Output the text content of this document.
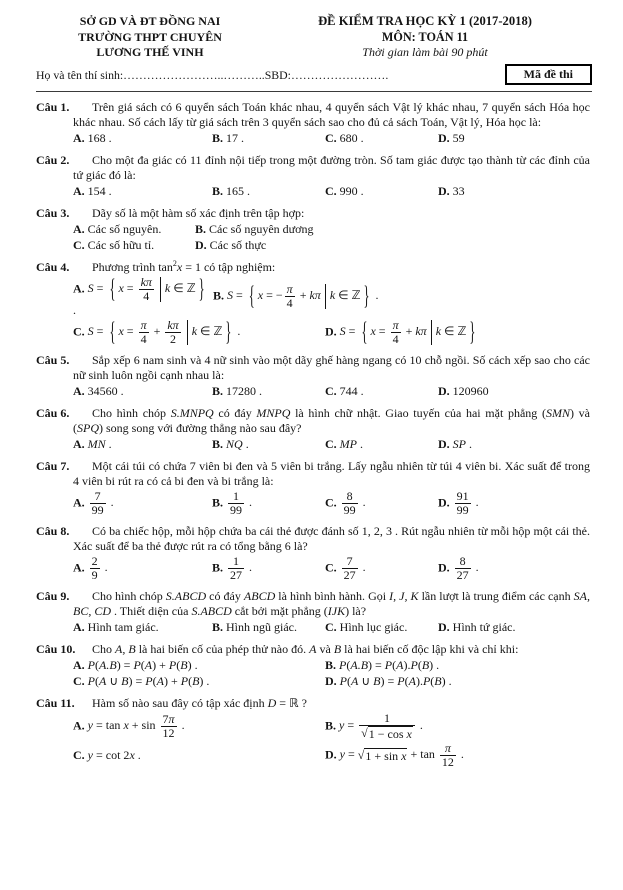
SỞ GD VÀ ĐT ĐỒNG NAI
TRƯỜNG THPT CHUYÊN
LƯƠNG THẾ VINH
ĐỀ KIỂM TRA HỌC KỲ 1 (2017-2018)
MÔN: TOÁN 11
Thời gian làm bài 90 phút
Họ và tên thí sinh:……………………..………..SBD:…………………….	Mã đề thi
Câu 1.	Trên giá sách có 6 quyển sách Toán khác nhau, 4 quyển sách Vật lý khác nhau, 7 quyển sách Hóa học khác nhau. Số cách lấy từ giá sách trên 3 quyển sách sao cho đủ cả sách Toán, Vật lý, Hóa học là:
A. 168 .	B. 17 .	C. 680 .	D. 59
Câu 2.	Cho một đa giác có 11 đỉnh nội tiếp trong một đường tròn. Số tam giác được tạo thành từ các đỉnh của tứ giác đó là:
A. 154 .	B. 165 .	C. 990 .	D. 33
Câu 3.	Dãy số là một hàm số xác định trên tập hợp:
A. Các số nguyên.	B. Các số nguyên dương
C. Các số hữu tỉ.	D. Các số thực
Câu 4.	Phương trình $\tan^2x = 1$ có tập nghiệm:
A. S = { $x = \frac{k\pi}{4}$ k ∈ ℤ } .
B. S = { x = − $\frac{\pi}{4} + k\pi$ k ∈ ℤ } .
C. S = { $x = \frac{\pi}{4} + \frac{k\pi}{2}$ k ∈ ℤ } .	D. S = { $x = \frac{\pi}{4} + k\pi$ k ∈ ℤ }
Câu 5.	Sắp xếp 6 nam sinh và 4 nữ sinh vào một dãy ghế hàng ngang có 10 chỗ ngồi. Số cách xếp sao cho các nữ sinh luôn ngồi cạnh nhau là:
A. 34560 .	B. 17280 .	C. 744 .	D. 120960
Câu 6.	Cho hình chóp S.MNPQ có đáy MNPQ là hình chữ nhật. Giao tuyến của hai mặt phẳng (SMN) và (SPQ) song song với đường thẳng nào sau đây?
A. MN .	B. NQ .	C. MP .	D. SP .
Câu 7.	Một cái túi có chứa 7 viên bi đen và 5 viên bi trắng. Lấy ngẫu nhiên từ túi 4 viên bi. Xác suất để trong 4 viên bi rút ra có cả bi đen và bi trắng là:
A. $\frac{7}{99}$ .	B. $\frac{1}{99}$ .	C. $\frac{8}{99}$ .	D. $\frac{91}{99}$ .
Câu 8.	Có ba chiếc hộp, mỗi hộp chứa ba cái thẻ được đánh số 1, 2, 3 . Rút ngẫu nhiên từ mỗi hộp một cái thẻ. Xác suất để ba thẻ được rút ra có tổng bằng 6 là?
A. $\frac{2}{9}$ .	B. $\frac{1}{27}$ .	C. $\frac{7}{27}$ .	D. $\frac{8}{27}$ .
Câu 9.	Cho hình chóp S.ABCD có đáy ABCD là hình bình hành. Gọi I, J, K lần lượt là trung điểm các cạnh SA, BC, CD . Thiết diện của S.ABCD cắt bởi mặt phẳng (IJK) là?
A. Hình tam giác.	B. Hình ngũ giác.	C. Hình lục giác.	D. Hình tứ giác.
Câu 10.	Cho A, B là hai biến cố của phép thử nào đó. A và B là hai biến cố độc lập khi và chỉ khi:
A. P(A.B) = P(A) + P(B) .	B. P(A.B) = P(A).P(B) .
C. P(A ∪ B) = P(A) + P(B) .	D. P(A ∪ B) = P(A).P(B) .
Câu 11.	Hàm số nào sau đây có tập xác định D = ℝ ?
A. $y = \tan x + \sin \frac{7\pi}{12}$ .	B. $y = \frac{1}{\text{√ 1 − cos x}}$ .
C. y = cot 2x .	D. y = √ $1 + \sin x + \tan \frac{\pi}{12}$ .
